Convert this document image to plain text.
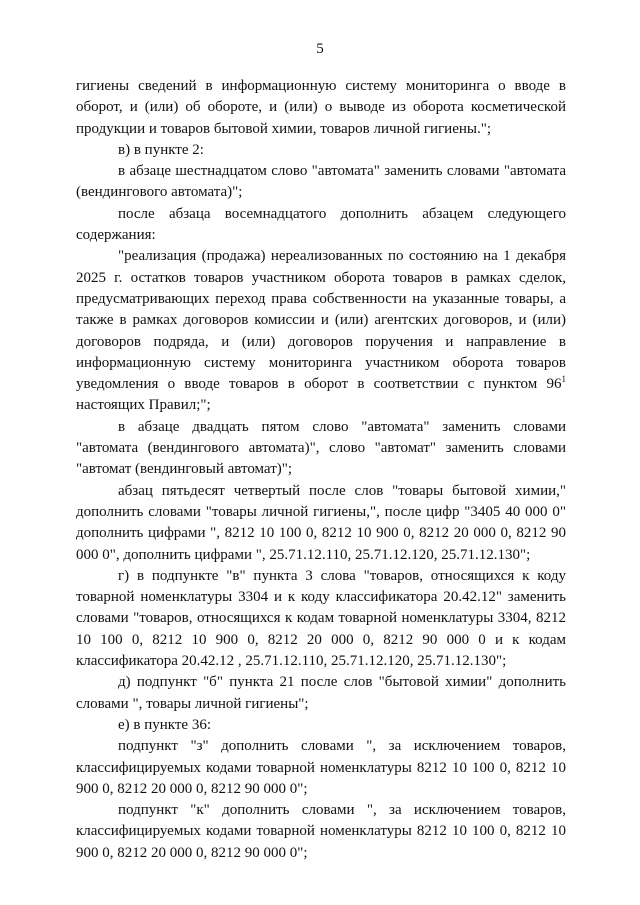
5

гигиены сведений в информационную систему мониторинга о вводе в оборот, и (или) об обороте, и (или) о выводе из оборота косметической продукции и товаров бытовой химии, товаров личной гигиены.";

в) в пункте 2:

в абзаце шестнадцатом слово "автомата" заменить словами "автомата (вендингового автомата)";

после абзаца восемнадцатого дополнить абзацем следующего содержания:

"реализация (продажа) нереализованных по состоянию на 1 декабря 2025 г. остатков товаров участником оборота товаров в рамках сделок, предусматривающих переход права собственности на указанные товары, а также в рамках договоров комиссии и (или) агентских договоров, и (или) договоров подряда, и (или) договоров поручения и направление в информационную систему мониторинга участником оборота товаров уведомления о вводе товаров в оборот в соответствии с пунктом $96^1$ настоящих Правил;";

в абзаце двадцать пятом слово "автомата" заменить словами "автомата (вендингового автомата)", слово "автомат" заменить словами "автомат (вендинговый автомат)";

абзац пятьдесят четвертый после слов "товары бытовой химии," дополнить словами "товары личной гигиены,", после цифр "3405 40 000 0" дополнить цифрами ", 8212 10 100 0, 8212 10 900 0, 8212 20 000 0, 8212 90 000 0", дополнить цифрами ", 25.71.12.110, 25.71.12.120, 25.71.12.130";

г) в подпункте "в" пункта 3 слова "товаров, относящихся к коду товарной номенклатуры 3304 и к коду классификатора 20.42.12" заменить словами "товаров, относящихся к кодам товарной номенклатуры 3304, 8212 10 100 0, 8212 10 900 0, 8212 20 000 0, 8212 90 000 0 и к кодам классификатора 20.42.12 , 25.71.12.110, 25.71.12.120, 25.71.12.130";

д) подпункт "б" пункта 21 после слов "бытовой химии" дополнить словами ", товары личной гигиены";

е) в пункте 36:

подпункт "з" дополнить словами ", за исключением товаров, классифицируемых кодами товарной номенклатуры 8212 10 100 0, 8212 10 900 0, 8212 20 000 0, 8212 90 000 0";

подпункт "к" дополнить словами ", за исключением товаров, классифицируемых кодами товарной номенклатуры 8212 10 100 0, 8212 10 900 0, 8212 20 000 0, 8212 90 000 0";
